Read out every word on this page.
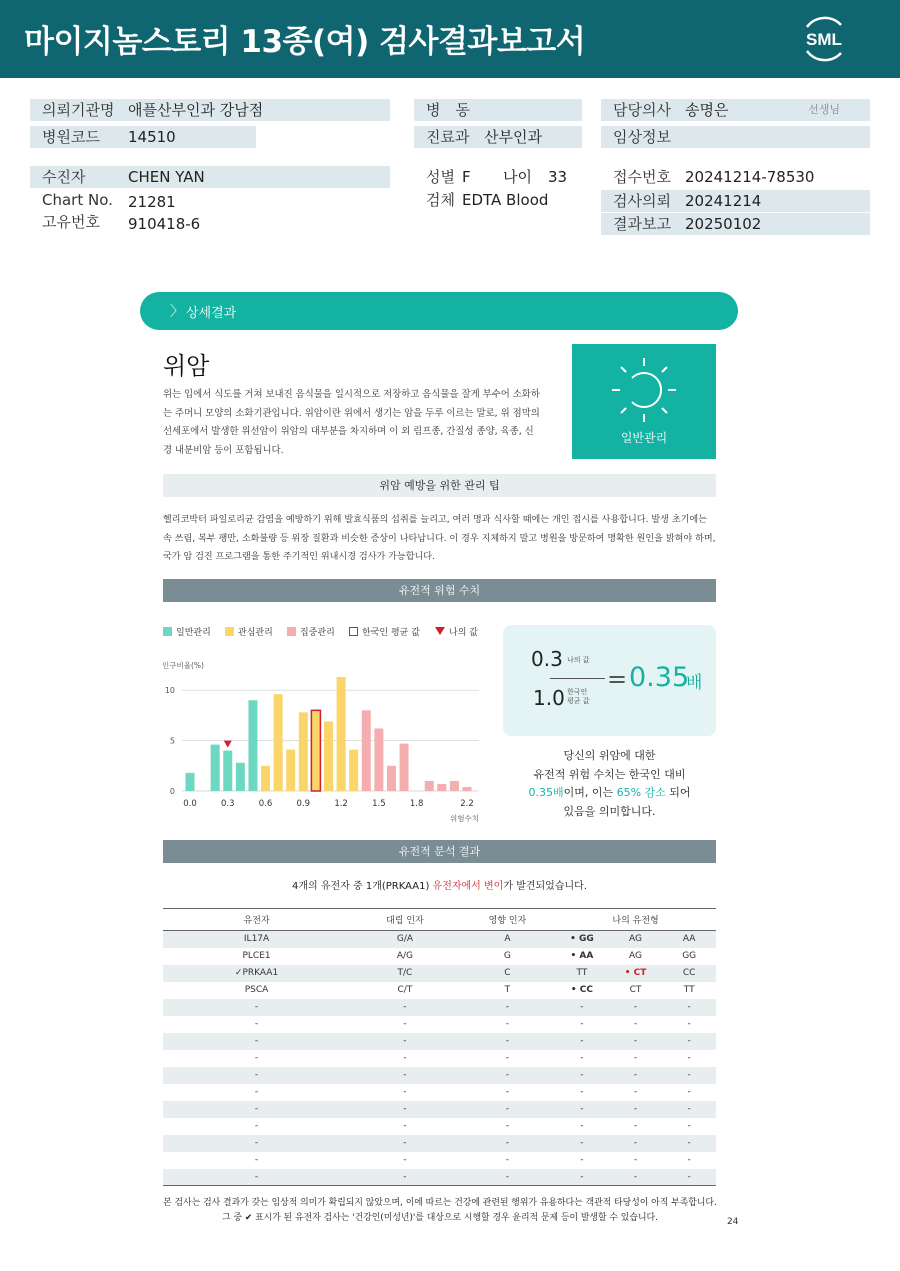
마이지놈스토리 13종(여) 검사결과보고서	SML
의뢰기관명 애플산부인과 강남점	병　동	담당의사 송명은	선생님
병원코드 14510	진료과 산부인과	임상정보
수진자	CHEN YAN
Chart No. 21281
고유번호 910418-6
성별 F 나이 33
검체 EDTA Blood
접수번호 20241214-78530
검사의뢰 20241214
결과보고 20250102
〉 상세결과
위암
위는 입에서 식도를 거쳐 보내진 음식물을 일시적으로 저장하고 음식물을 잘게 부수어 소화하는 주머니 모양의 소화기관입니다. 위암이란 위에서 생기는 암을 두루 이르는 말로, 위 점막의 선세포에서 발생한 위선암이 위암의 대부분을 차지하며 이 외 림프종, 간질성 종양, 육종, 신경 내분비암 등이 포함됩니다.
일반관리
위암 예방을 위한 관리 팁
헬리코박터 파일로리균 감염을 예방하기 위해 발효식품의 섭취를 늘리고, 여러 명과 식사할 때에는 개인 접시를 사용합니다. 발생 초기에는 속 쓰림, 복부 팽만, 소화불량 등 위장 질환과 비슷한 증상이 나타납니다. 이 경우 지체하지 말고 병원을 방문하여 명확한 원인을 밝혀야 하며, 국가 암 검진 프로그램을 통한 주기적인 위내시경 검사가 가능합니다.
유전적 위험 수치
일반관리	관심관리	집중관리	한국인 평균 값	나의 값
0
5
10
인구비율(%)
0.0	0.3	0.6	0.9	1.2	1.5	1.8	2.2
위험수치
0.3 나의 값
1.0 한국인
평균 값
= 0.35
배
당신의 위암에 대한
유전적 위험 수치는 한국인 대비
0.35배이며, 이는 65% 감소 되어
있음을 의미합니다.
유전적 분석 결과
4개의 유전자 중 1개(PRKAA1) 유전자에서 변이가 발견되었습니다.
유전자	대립 인자	영향 인자	나의 유전형		
IL17A	G/A	A	• GG	AG	AA
PLCE1	A/G	G	• AA	AG	GG
✓PRKAA1	T/C	C	TT	• CT	CC
PSCA	C/T	T	• CC	CT	TT
-	-	-	-	-	-
-	-	-	-	-	-
-	-	-	-	-	-
-	-	-	-	-	-
-	-	-	-	-	-
-	-	-	-	-	-
-	-	-	-	-	-
-	-	-	-	-	-
-	-	-	-	-	-
-	-	-	-	-	-
-	-	-	-	-	-
본 검사는 검사 결과가 갖는 임상적 의미가 확립되지 않았으며, 이에 따르는 건강에 관련된 행위가 유용하다는 객관적 타당성이 아직 부족합니다.
그 중 ✔ 표시가 된 유전자 검사는 '건강인(미성년)'를 대상으로 시행할 경우 윤리적 문제 등이 발생할 수 있습니다.	24
